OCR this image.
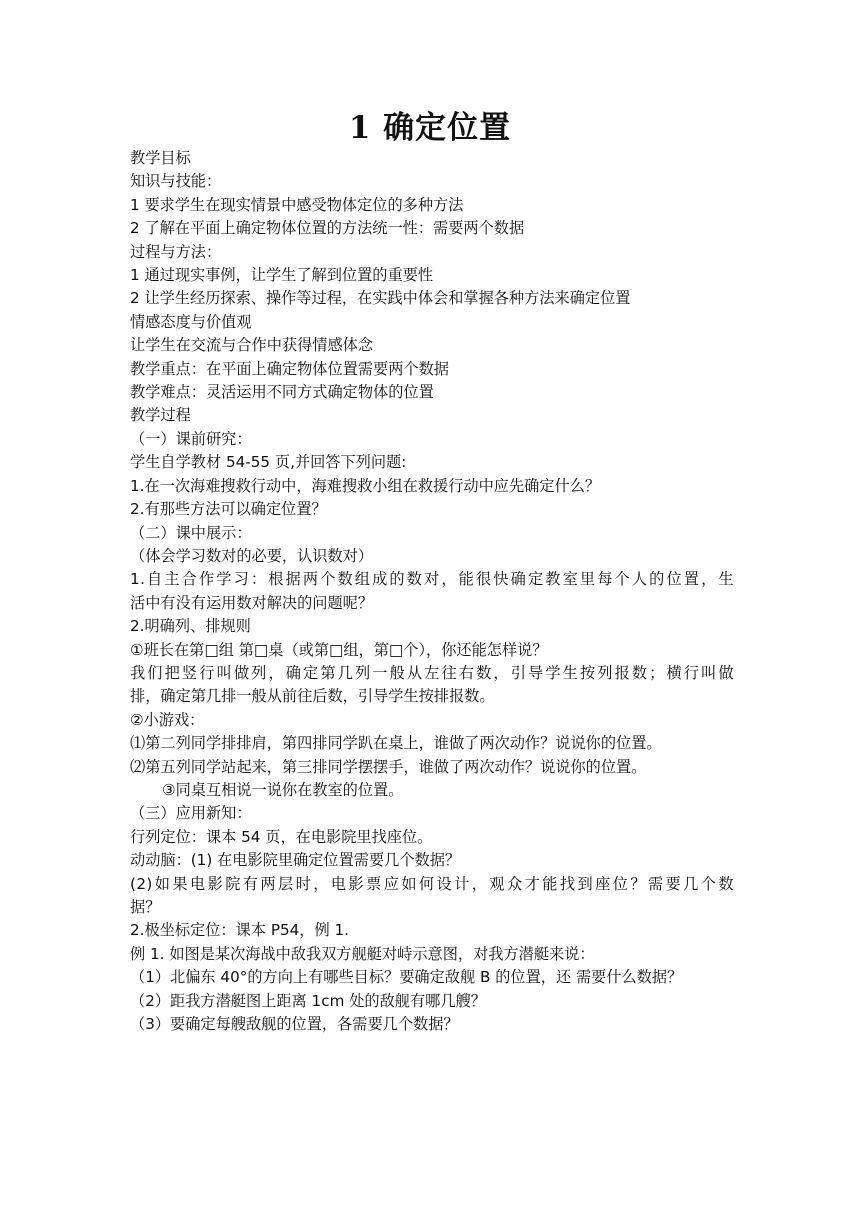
1 确定位置
教学目标
知识与技能：
1 要求学生在现实情景中感受物体定位的多种方法
2 了解在平面上确定物体位置的方法统一性：需要两个数据
过程与方法：
1 通过现实事例，让学生了解到位置的重要性
2 让学生经历探索、操作等过程，在实践中体会和掌握各种方法来确定位置
情感态度与价值观
让学生在交流与合作中获得情感体念
教学重点：在平面上确定物体位置需要两个数据
教学难点：灵活运用不同方式确定物体的位置
教学过程
（一）课前研究：
学生自学教材 54-55 页,并回答下列问题:
1.在一次海难搜救行动中，海难搜救小组在救援行动中应先确定什么？
2.有那些方法可以确定位置？
（二）课中展示：
（体会学习数对的必要，认识数对）
1.自主合作学习：根据两个数组成的数对，能很快确定教室里每个人的位置，生
活中有没有运用数对解决的问题呢？
2.明确列、排规则
①班长在第□组 第□桌（或第□组，第□个），你还能怎样说？
我们把竖行叫做列，确定第几列一般从左往右数，引导学生按列报数；横行叫做
排，确定第几排一般从前往后数，引导学生按排报数。
②小游戏：
⑴第二列同学排排肩，第四排同学趴在桌上，谁做了两次动作？说说你的位置。
⑵第五列同学站起来，第三排同学摆摆手，谁做了两次动作？说说你的位置。
③同桌互相说一说你在教室的位置。
（三）应用新知：
行列定位：课本 54 页，在电影院里找座位。
动动脑：(1) 在电影院里确定位置需要几个数据？
(2)如果电影院有两层时，电影票应如何设计，观众才能找到座位？需要几个数
据？
2.极坐标定位：课本 P54，例 1.
例 1. 如图是某次海战中敌我双方舰艇对峙示意图，对我方潜艇来说：
（1）北偏东 40°的方向上有哪些目标？要确定敌舰 B 的位置，还 需要什么数据？
（2）距我方潜艇图上距离 1cm 处的敌舰有哪几艘？
（3）要确定每艘敌舰的位置，各需要几个数据？
